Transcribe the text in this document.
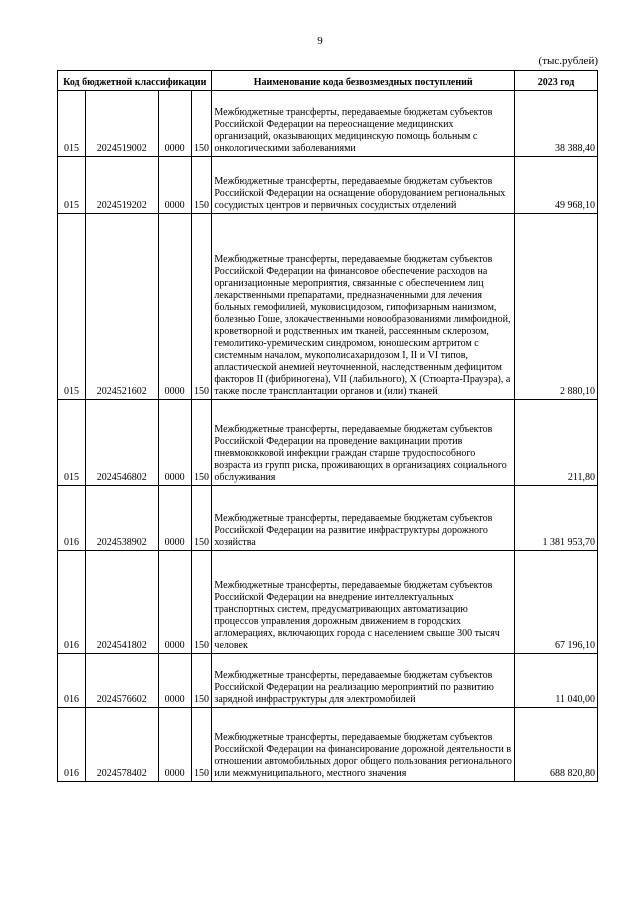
9
(тыс.рублей)
Код бюджетной классификации				Наименование кода безвозмездных поступлений	2023 год
015	2024519002	0000	150	Межбюджетные трансферты, передаваемые бюджетам субъектов Российской Федерации на переоснащение медицинских организаций, оказывающих медицинскую помощь больным с онкологическими заболеваниями	38 388,40
015	2024519202	0000	150	Межбюджетные трансферты, передаваемые бюджетам субъектов Российской Федерации на оснащение оборудованием региональных сосудистых центров и первичных сосудистых отделений	49 968,10
015	2024521602	0000	150	Межбюджетные трансферты, передаваемые бюджетам субъектов Российской Федерации на финансовое обеспечение расходов на организационные мероприятия, связанные с обеспечением лиц лекарственными препаратами, предназначенными для лечения больных гемофилией, муковисцидозом, гипофизарным нанизмом, болезнью Гоше, злокачественными новообразованиями лимфоидной, кроветворной и родственных им тканей, рассеянным склерозом, гемолитико-уремическим синдромом, юношеским артритом с системным началом, мукополисахаридозом I, II и VI типов, апластической анемией неуточненной, наследственным дефицитом факторов II (фибриногена), VII (лабильного), X (Стюарта-Прауэра), а также после трансплантации органов и (или) тканей	2 880,10
015	2024546802	0000	150	Межбюджетные трансферты, передаваемые бюджетам субъектов Российской Федерации на проведение вакцинации против пневмококковой инфекции граждан старше трудоспособного возраста из групп риска, проживающих в организациях социального обслуживания	211,80
016	2024538902	0000	150	Межбюджетные трансферты, передаваемые бюджетам субъектов Российской Федерации на развитие инфраструктуры дорожного хозяйства	1 381 953,70
016	2024541802	0000	150	Межбюджетные трансферты, передаваемые бюджетам субъектов Российской Федерации на внедрение интеллектуальных транспортных систем, предусматривающих автоматизацию процессов управления дорожным движением в городских агломерациях, включающих города с населением свыше 300 тысяч человек	67 196,10
016	2024576602	0000	150	Межбюджетные трансферты, передаваемые бюджетам субъектов Российской Федерации на реализацию мероприятий по развитию зарядной инфраструктуры для электромобилей	11 040,00
016	2024578402	0000	150	Межбюджетные трансферты, передаваемые бюджетам субъектов Российской Федерации на финансирование дорожной деятельности в отношении автомобильных дорог общего пользования регионального или межмуниципального, местного значения	688 820,80
